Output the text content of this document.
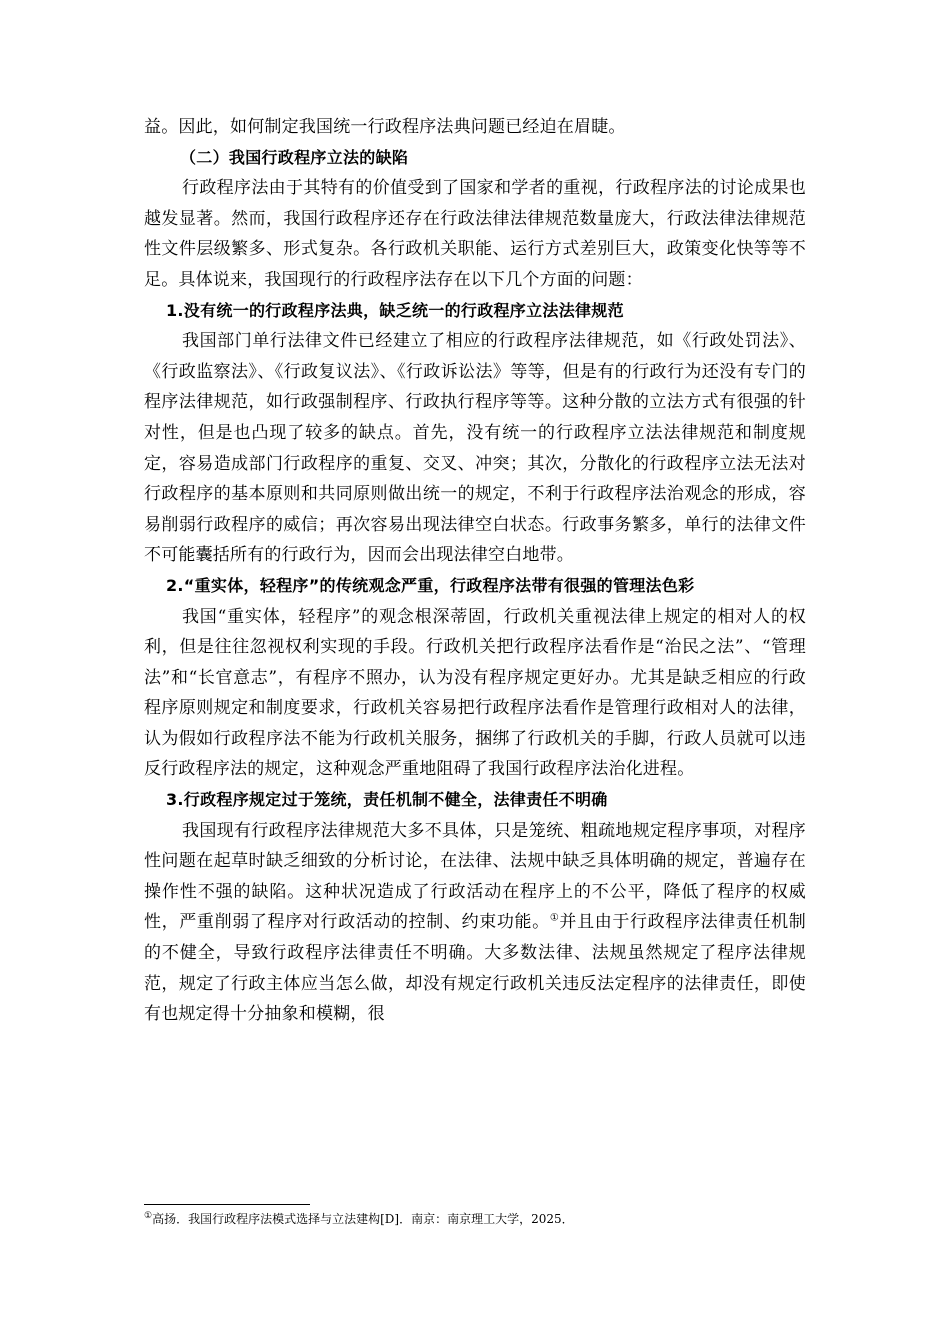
益。因此，如何制定我国统一行政程序法典问题已经迫在眉睫。

（二）我国行政程序立法的缺陷

行政程序法由于其特有的价值受到了国家和学者的重视，行政程序法的讨论成果也越发显著。然而，我国行政程序还存在行政法律法律规范数量庞大，行政法律法律规范性文件层级繁多、形式复杂。各行政机关职能、运行方式差别巨大，政策变化快等等不足。具体说来，我国现行的行政程序法存在以下几个方面的问题：

1.没有统一的行政程序法典，缺乏统一的行政程序立法法律规范

我国部门单行法律文件已经建立了相应的行政程序法律规范，如《行政处罚法》、《行政监察法》、《行政复议法》、《行政诉讼法》等等，但是有的行政行为还没有专门的程序法律规范，如行政强制程序、行政执行程序等等。这种分散的立法方式有很强的针对性，但是也凸现了较多的缺点。首先，没有统一的行政程序立法法律规范和制度规定，容易造成部门行政程序的重复、交叉、冲突；其次，分散化的行政程序立法无法对行政程序的基本原则和共同原则做出统一的规定，不利于行政程序法治观念的形成，容易削弱行政程序的威信；再次容易出现法律空白状态。行政事务繁多，单行的法律文件不可能囊括所有的行政行为，因而会出现法律空白地带。

2.“重实体，轻程序”的传统观念严重，行政程序法带有很强的管理法色彩

我国“重实体，轻程序”的观念根深蒂固，行政机关重视法律上规定的相对人的权利，但是往往忽视权利实现的手段。行政机关把行政程序法看作是“治民之法”、“管理法”和“长官意志”，有程序不照办，认为没有程序规定更好办。尤其是缺乏相应的行政程序原则规定和制度要求，行政机关容易把行政程序法看作是管理行政相对人的法律，认为假如行政程序法不能为行政机关服务，捆绑了行政机关的手脚，行政人员就可以违反行政程序法的规定，这种观念严重地阻碍了我国行政程序法治化进程。

3.行政程序规定过于笼统，责任机制不健全，法律责任不明确

我国现有行政程序法律规范大多不具体，只是笼统、粗疏地规定程序事项，对程序性问题在起草时缺乏细致的分析讨论，在法律、法规中缺乏具体明确的规定，普遍存在操作性不强的缺陷。这种状况造成了行政活动在程序上的不公平，降低了程序的权威性，严重削弱了程序对行政活动的控制、约束功能。①并且由于行政程序法律责任机制的不健全，导致行政程序法律责任不明确。大多数法律、法规虽然规定了程序法律规范，规定了行政主体应当怎么做，却没有规定行政机关违反法定程序的法律责任，即使有也规定得十分抽象和模糊，很

①高扬．我国行政程序法模式选择与立法建构[D]．南京：南京理工大学，2025．
